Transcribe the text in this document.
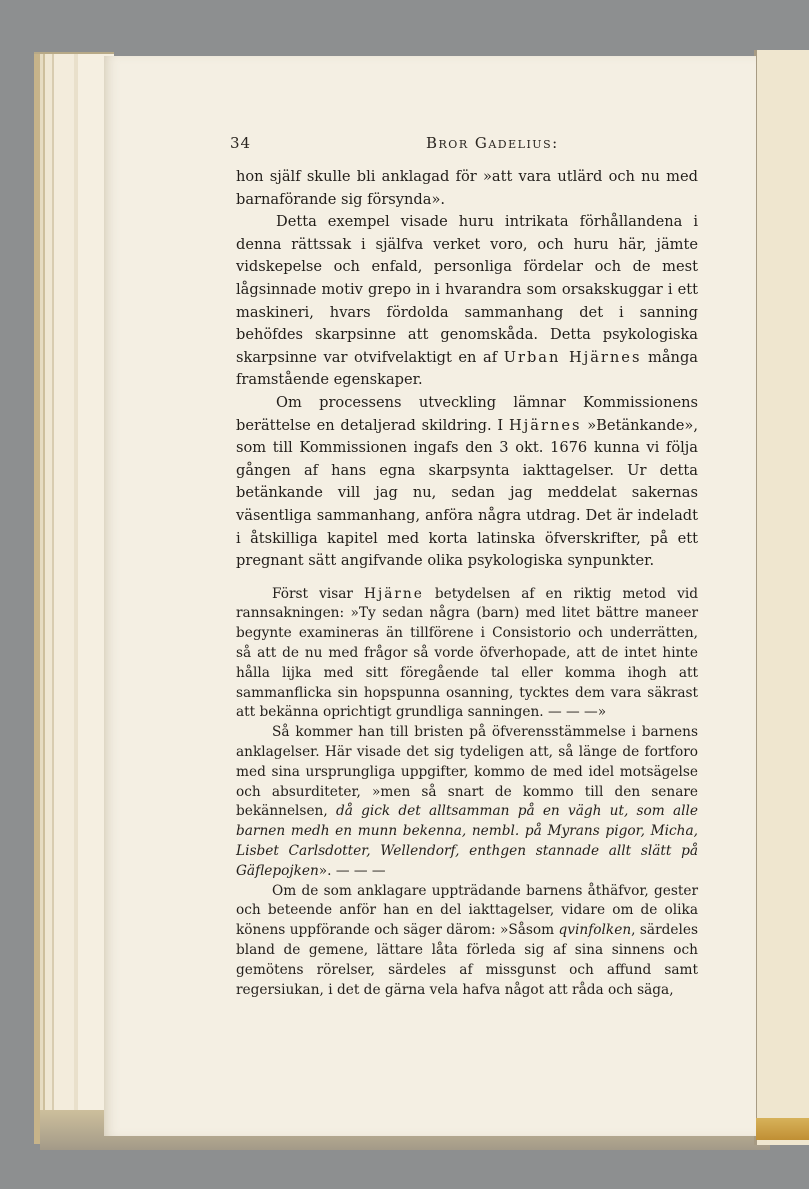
34	Bror Gadelius:

hon själf skulle bli anklagad för »att vara utlärd och nu med barnaförande sig försynda».

Detta exempel visade huru intrikata förhållandena i denna rättssak i själfva verket voro, och huru här, jämte vidskepelse och enfald, personliga fördelar och de mest lågsinnade motiv grepo in i hvarandra som orsakskuggar i ett maskineri, hvars fördolda sammanhang det i sanning behöfdes skarpsinne att genomskåda. Detta psykologiska skarpsinne var otvifvelaktigt en af Urban Hjärnes många framstående egenskaper.

Om processens utveckling lämnar Kommissionens berättelse en detaljerad skildring. I Hjärnes »Betänkande», som till Kommissionen ingafs den 3 okt. 1676 kunna vi följa gången af hans egna skarpsynta iakttagelser. Ur detta betänkande vill jag nu, sedan jag meddelat sakernas väsentliga sammanhang, anföra några utdrag. Det är indeladt i åtskilliga kapitel med korta latinska öfverskrifter, på ett pregnant sätt angifvande olika psykologiska synpunkter.

Först visar Hjärne betydelsen af en riktig metod vid rannsakningen: »Ty sedan några (barn) med litet bättre maneer begynte examineras än tillförene i Consistorio och underrätten, så att de nu med frågor så vorde öfverhopade, att de intet hinte hålla lijka med sitt föregående tal eller komma ihogh att sammanflicka sin hopspunna osanning, tycktes dem vara säkrast att bekänna oprichtigt grundliga sanningen. — — —»

Så kommer han till bristen på öfverensstämmelse i barnens anklagelser. Här visade det sig tydeligen att, så länge de fortforo med sina ursprungliga uppgifter, kommo de med idel motsägelse och absurditeter, »men så snart de kommo till den senare bekännelsen, då gick det alltsamman på en vägh ut, som alle barnen medh en munn bekenna, nembl. på Myrans pigor, Micha, Lisbet Carlsdotter, Wellendorf, enthgen stannade allt slätt på Gäflepojken». — — —

Om de som anklagare uppträdande barnens åthäfvor, gester och beteende anför han en del iakttagelser, vidare om de olika könens uppförande och säger därom: »Såsom qvinfolken, särdeles bland de gemene, lättare låta förleda sig af sina sinnens och gemötens rörelser, särdeles af missgunst och affund samt regersiukan, i det de gärna vela hafva något att råda och säga,
